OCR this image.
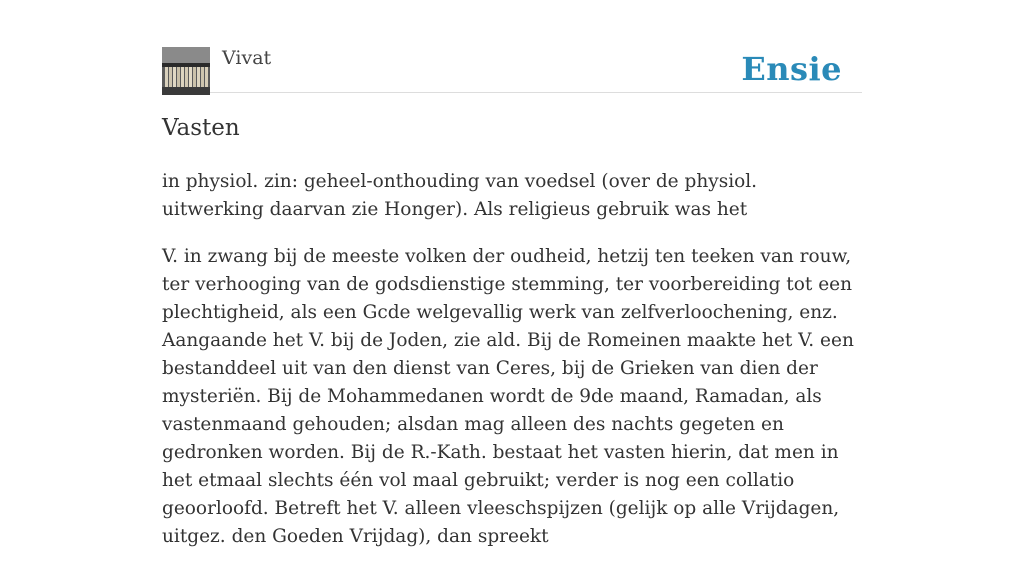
Vivat	Ensie
Vasten

in physiol. zin: geheel-onthouding van voedsel (over de physiol. uitwerking daarvan zie Honger). Als religieus gebruik was het

V. in zwang bij de meeste volken der oudheid, hetzij ten teeken van rouw, ter verhooging van de godsdienstige stemming, ter voorbereiding tot een plechtigheid, als een Gcde welgevallig werk van zelfverloochening, enz. Aangaande het V. bij de Joden, zie ald. Bij de Romeinen maakte het V. een bestanddeel uit van den dienst van Ceres, bij de Grieken van dien der mysteriën. Bij de Mohammedanen wordt de 9de maand, Ramadan, als vastenmaand gehouden; alsdan mag alleen des nachts gegeten en gedronken worden. Bij de R.-Kath. bestaat het vasten hierin, dat men in het etmaal slechts één vol maal gebruikt; verder is nog een collatio geoorloofd. Betreft het V. alleen vleeschspijzen (gelijk op alle Vrijdagen, uitgez. den Goeden Vrijdag), dan spreekt
